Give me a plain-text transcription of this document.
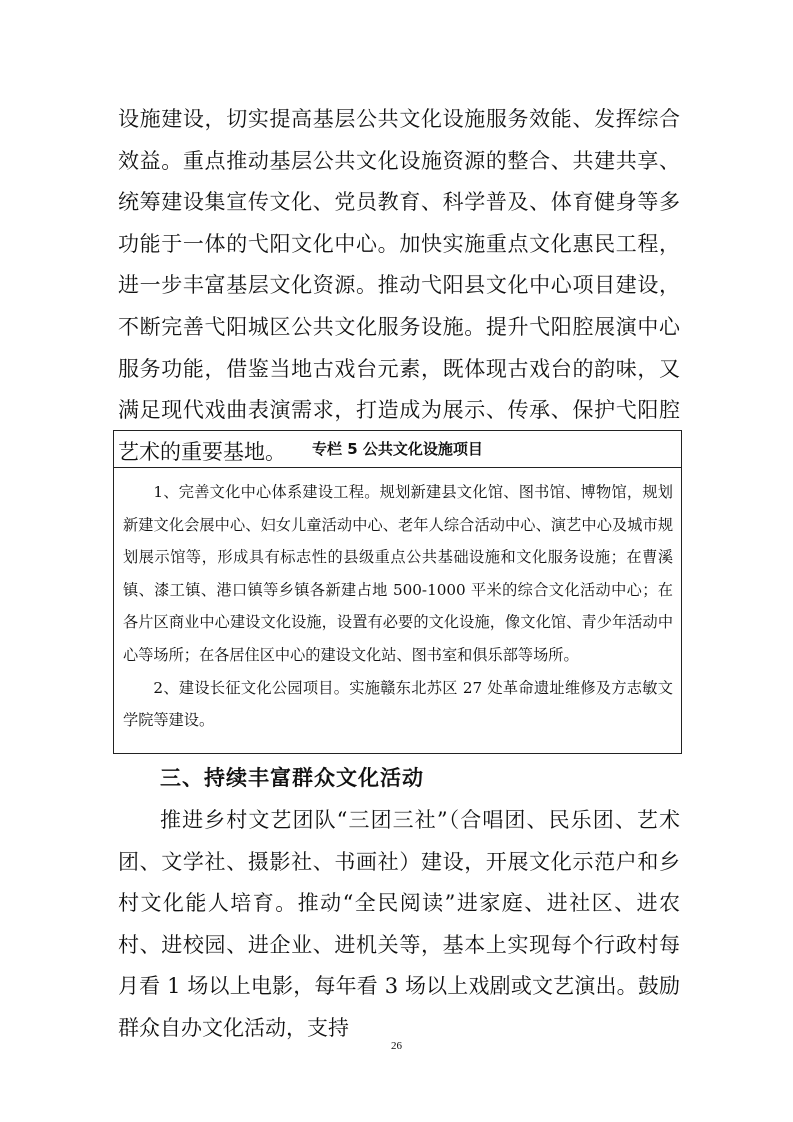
设施建设，切实提高基层公共文化设施服务效能、发挥综合效益。重点推动基层公共文化设施资源的整合、共建共享、统筹建设集宣传文化、党员教育、科学普及、体育健身等多功能于一体的弋阳文化中心。加快实施重点文化惠民工程，进一步丰富基层文化资源。推动弋阳县文化中心项目建设，不断完善弋阳城区公共文化服务设施。提升弋阳腔展演中心服务功能，借鉴当地古戏台元素，既体现古戏台的韵味，又满足现代戏曲表演需求，打造成为展示、传承、保护弋阳腔艺术的重要基地。	专栏 5 公共文化设施项目

1、完善文化中心体系建设工程。规划新建县文化馆、图书馆、博物馆，规划新建文化会展中心、妇女儿童活动中心、老年人综合活动中心、演艺中心及城市规划展示馆等，形成具有标志性的县级重点公共基础设施和文化服务设施；在曹溪镇、漆工镇、港口镇等乡镇各新建占地 500-1000 平米的综合文化活动中心；在各片区商业中心建设文化设施，设置有必要的文化设施，像文化馆、青少年活动中心等场所；在各居住区中心的建设文化站、图书室和俱乐部等场所。

2、建设长征文化公园项目。实施赣东北苏区 27 处革命遗址维修及方志敏文学院等建设。

三、持续丰富群众文化活动

推进乡村文艺团队“三团三社”（合唱团、民乐团、艺术团、文学社、摄影社、书画社）建设，开展文化示范户和乡村文化能人培育。推动“全民阅读”进家庭、进社区、进农村、进校园、进企业、进机关等，基本上实现每个行政村每月看 1 场以上电影，每年看 3 场以上戏剧或文艺演出。鼓励群众自办文化活动，支持

26
